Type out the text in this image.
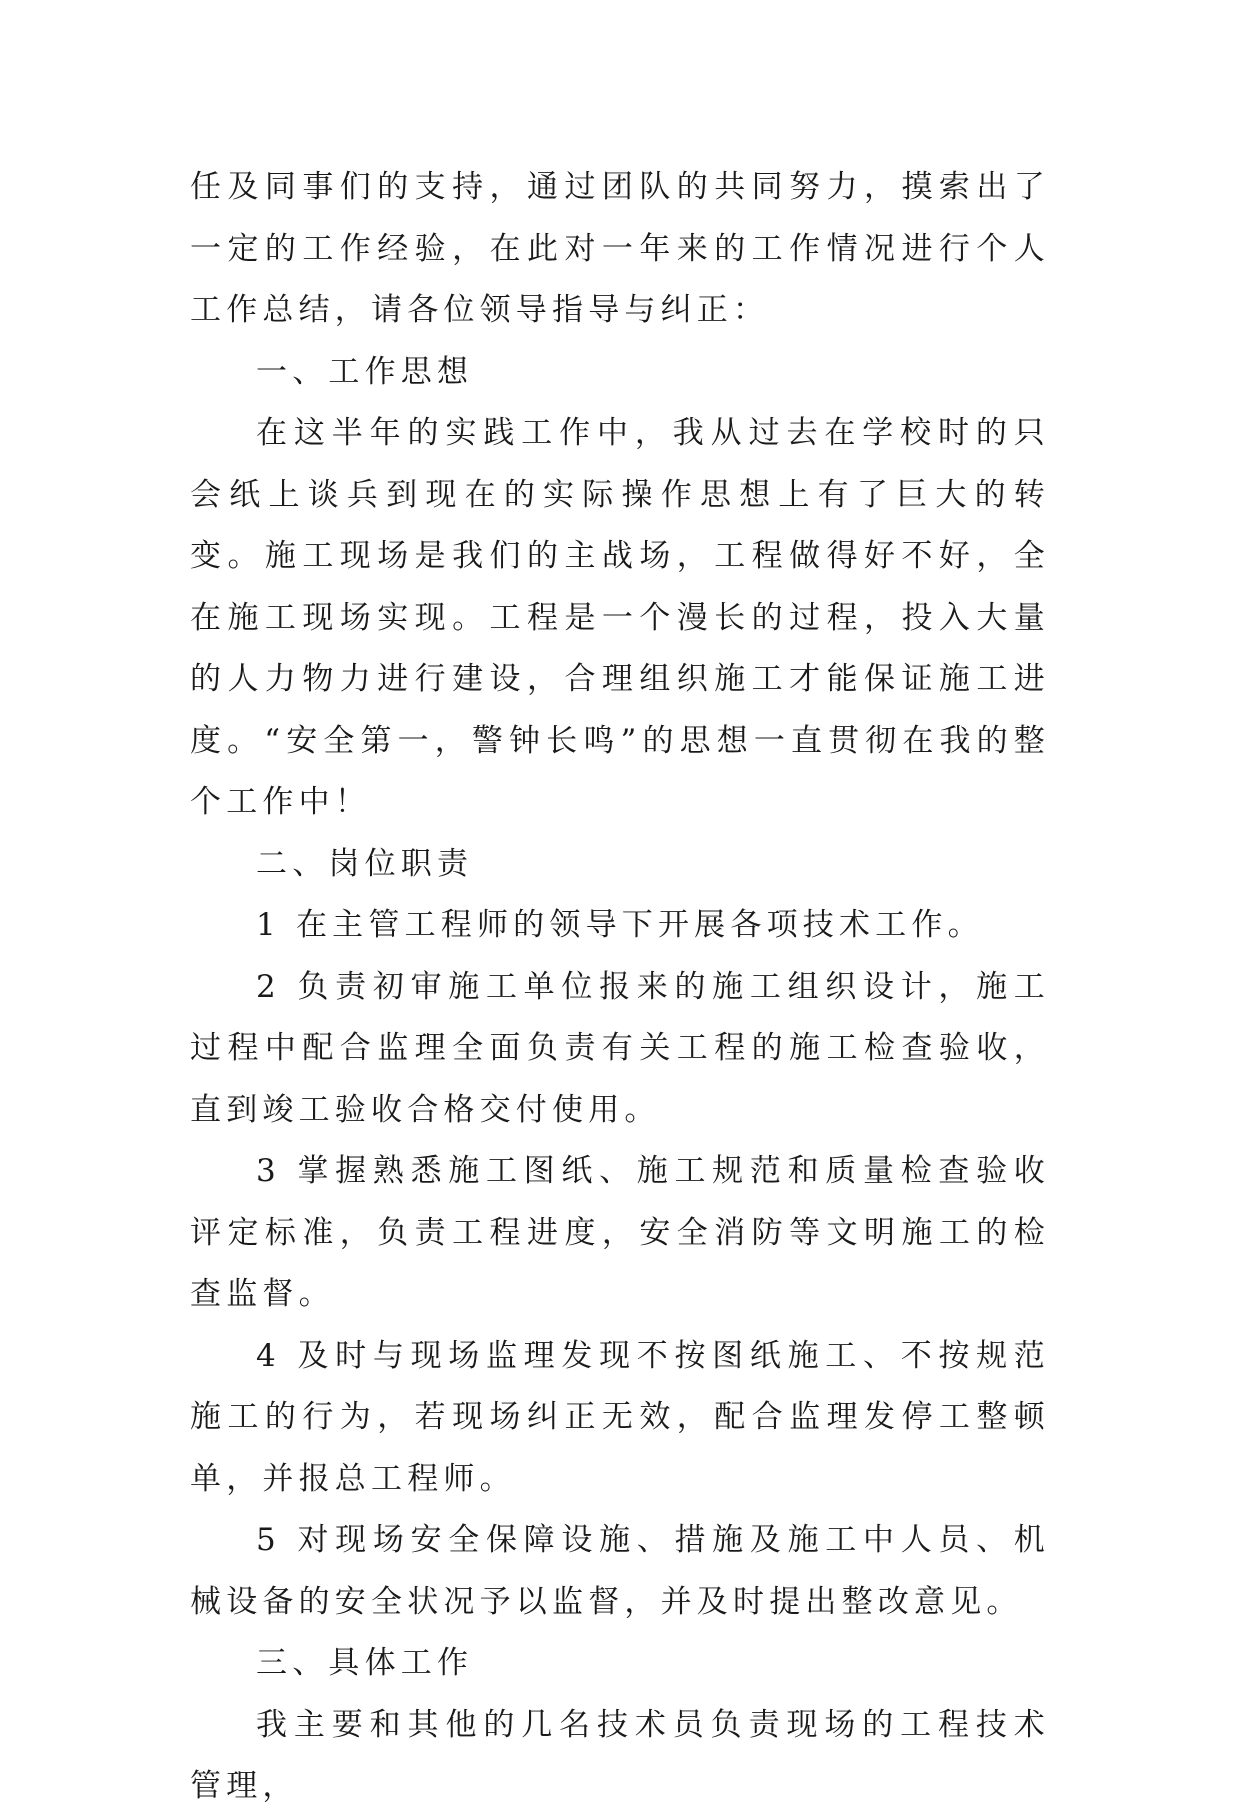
任及同事们的支持，通过团队的共同努力，摸索出了一定的工作经验，在此对一年来的工作情况进行个人工作总结，请各位领导指导与纠正：

一、工作思想

在这半年的实践工作中，我从过去在学校时的只会纸上谈兵到现在的实际操作思想上有了巨大的转变。施工现场是我们的主战场，工程做得好不好，全在施工现场实现。工程是一个漫长的过程，投入大量的人力物力进行建设，合理组织施工才能保证施工进度。“安全第一，警钟长鸣”的思想一直贯彻在我的整个工作中！

二、岗位职责

1 在主管工程师的领导下开展各项技术工作。

2 负责初审施工单位报来的施工组织设计，施工过程中配合监理全面负责有关工程的施工检查验收，直到竣工验收合格交付使用。

3 掌握熟悉施工图纸、施工规范和质量检查验收评定标准，负责工程进度，安全消防等文明施工的检查监督。

4 及时与现场监理发现不按图纸施工、不按规范施工的行为，若现场纠正无效，配合监理发停工整顿单，并报总工程师。

5 对现场安全保障设施、措施及施工中人员、机械设备的安全状况予以监督，并及时提出整改意见。

三、具体工作

我主要和其他的几名技术员负责现场的工程技术管理，
